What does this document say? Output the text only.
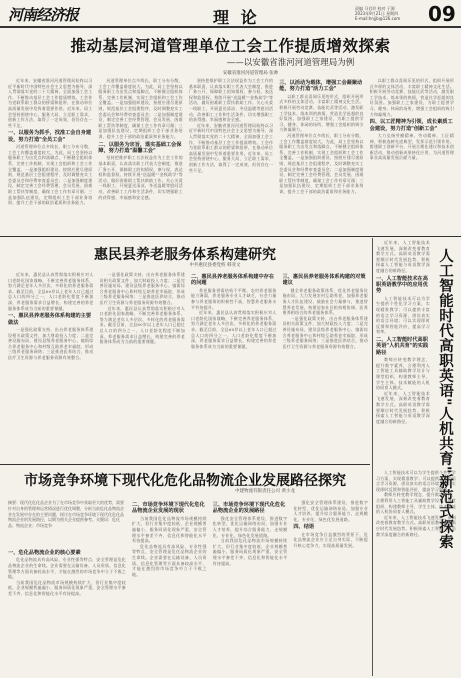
河南经济报	理 论	责编 马君玲 校对 于源
2023年9月21日 星期四
E-mail:hnjjb@126.com 09
推动基层河道管理单位工会工作提质增效探索
——以安徽省淮河河道管理局为例
安徽省淮河河道管理局 张帅

近年来，安徽省淮河河道管理局始终以习近平新时代中国特色社会主义思想为指导，深入贯彻落实党的二十大精神，全面加强工会工作，不断推动基层工会工作提质增效。工会作为党联系职工群众的桥梁和纽带，在推动单位高质量发展中发挥着重要作用。近年来，局工会坚持围绕中心、服务大局，立足职工需求，创新工作方法，取得了一定成效，但仍存在一些不足。

一、以服务为抓手，找准工会自身建设，努力打造"全员工会"

河道管理单位点多线长，职工分布分散，工会工作覆盖难度较大。为此，局工会坚持以服务职工为出发点和落脚点，不断健全组织体系，完善工作机制，实现工会组织和工会工作全覆盖。一是加强组织建设，按照应建尽建原则，规范基层工会组建程序，及时调整充实工会委员会和经费审查委员会；二是加强制度建设，制定完善工会经费管理、会员发展、困难职工帮扶等制度，确保工会工作有章可循；三是加强队伍建设，定期组织工会干部业务培训，提升工会干部的政治素质和业务能力。

河道管理单位点多线长，职工分布分散，工会工作覆盖难度较大。为此，局工会坚持以服务职工为出发点和落脚点，不断健全组织体系，完善工作机制，实现工会组织和工会工作全覆盖。一是加强组织建设，按照应建尽建原则，规范基层工会组建程序，及时调整充实工会委员会和经费审查委员会；二是加强制度建设，制定完善工会经费管理、会员发展、困难职工帮扶等制度，确保工会工作有章可循；三是加强队伍建设，定期组织工会干部业务培训，提升工会干部的政治素质和业务能力。

二、以服务为宗旨，落实基础工会保障，努力打造"温馨工会"

坚持把维护职工合法权益作为工会工作的基本职责，认真落实职工代表大会制度，推进厂务公开，保障职工的知情权、参与权、表达权和监督权。持续开展"送温暖""金秋助学"等活动，做好困难职工帮扶救助工作。关心关爱一线职工，开展夏送清凉、冬送温暖等慰问活动，改善职工工作和生活条件，切实增强职工的获得感、幸福感和安全感。

坚持把维护职工合法权益作为工会工作的基本职责，认真落实职工代表大会制度，推进厂务公开，保障职工的知情权、参与权、表达权和监督权。持续开展"送温暖""金秋助学"等活动，做好困难职工帮扶救助工作。关心关爱一线职工，开展夏送清凉、冬送温暖等慰问活动，改善职工工作和生活条件，切实增强职工的获得感、幸福感和安全感。

近年来，安徽省淮河河道管理局始终以习近平新时代中国特色社会主义思想为指导，深入贯彻落实党的二十大精神，全面加强工会工作，不断推动基层工会工作提质增效。工会作为党联系职工群众的桥梁和纽带，在推动单位高质量发展中发挥着重要作用。近年来，局工会坚持围绕中心、服务大局，立足职工需求，创新工作方法，取得了一定成效，但仍存在一些不足。

三、以活动为载体，增强工会凝聚动能，努力打造"活力工会"

以职工群众喜闻乐见的形式，组织开展形式多样的文体活动，丰富职工精神文化生活。积极开展劳动竞赛、技能比武等活动，激发职工学技术、练本领的热情，营造比学赶超的良好氛围。加强职工之家建设，为职工提供学习、健身、休闲的场所，增强工会组织的吸引力和凝聚力。

河道管理单位点多线长，职工分布分散，工会工作覆盖难度较大。为此，局工会坚持以服务职工为出发点和落脚点，不断健全组织体系，完善工作机制，实现工会组织和工会工作全覆盖。一是加强组织建设，按照应建尽建原则，规范基层工会组建程序，及时调整充实工会委员会和经费审查委员会；二是加强制度建设，制定完善工会经费管理、会员发展、困难职工帮扶等制度，确保工会工作有章可循；三是加强队伍建设，定期组织工会干部业务培训，提升工会干部的政治素质和业务能力。

以职工群众喜闻乐见的形式，组织开展形式多样的文体活动，丰富职工精神文化生活。积极开展劳动竞赛、技能比武等活动，激发职工学技术、练本领的热情，营造比学赶超的良好氛围。加强职工之家建设，为职工提供学习、健身、休闲的场所，增强工会组织的吸引力和凝聚力。

四、以工匠精神为引领，成长素质工会建设，努力打造"创新工会"

大力弘扬劳模精神、劳动精神、工匠精神，积极选树先进典型，发挥示范引领作用。搭建职工创新平台，开展合理化建议和技术创新活动，推动创新成果转化应用，为河道管理事业高质量发展贡献力量。

惠民县养老服务体系构建研究
中共惠民县委党校 韩亚文

近年来，惠民县认真贯彻落实积极应对人口老龄化国家战略，不断完善养老服务体系，努力满足老年人多层次、多样化的养老服务需求。截至目前，全县60岁以上老年人口已超过总人口的四分之一，人口老龄化程度不断加深，养老服务需求日益增长，构建完善的养老服务体系成为当前的重要课题。

一、惠民县养老服务体系构建的主要做法

一是强化政策支持，出台养老服务体系建设相关政策文件，加大财政投入力度；二是完善设施布局，建设县级养老服务中心、镇街综合养老服务中心和村级互助养老幸福院，形成三级养老服务网络；三是推进医养结合，推动医疗卫生资源与养老服务资源有效整合。

一是强化政策支持，出台养老服务体系建设相关政策文件，加大财政投入力度；二是完善设施布局，建设县级养老服务中心、镇街综合养老服务中心和村级互助养老幸福院，形成三级养老服务网络；三是推进医养结合，推动医疗卫生资源与养老服务资源有效整合。

近年来，惠民县认真贯彻落实积极应对人口老龄化国家战略，不断完善养老服务体系，努力满足老年人多层次、多样化的养老服务需求。截至目前，全县60岁以上老年人口已超过总人口的四分之一，人口老龄化程度不断加深，养老服务需求日益增长，构建完善的养老服务体系成为当前的重要课题。

二、惠民县养老服务体系构建中存在的问题

养老服务供需结构不平衡，农村养老服务能力薄弱，养老服务专业人才缺乏，社会力量参与养老服务的积极性不高，智慧养老服务水平有待提升。

近年来，惠民县认真贯彻落实积极应对人口老龄化国家战略，不断完善养老服务体系，努力满足老年人多层次、多样化的养老服务需求。截至目前，全县60岁以上老年人口已超过总人口的四分之一，人口老龄化程度不断加深，养老服务需求日益增长，构建完善的养老服务体系成为当前的重要课题。

三、惠民县养老服务体系构建的对策建议

健全养老服务政策体系，优化养老服务设施布局，大力发展农村互助养老，加强养老服务人才队伍建设，鼓励社会力量参与，推进智慧养老发展，构建居家社区机构相协调、医养康养相结合的养老服务体系。

一是强化政策支持，出台养老服务体系建设相关政策文件，加大财政投入力度；二是完善设施布局，建设县级养老服务中心、镇街综合养老服务中心和村级互助养老幸福院，形成三级养老服务网络；三是推进医养结合，推动医疗卫生资源与养老服务资源有效整合。

市场竞争环境下现代化危化品物流企业发展路径探究
中建物流有限责任公司 黄小龙
摘要：现代化危化品企业为了在市场竞争中获取更大的优势，需要针对自身的管理和运营情况进行优化调整，分析当前危化品物流企业在发展中存在的主要问题，探讨在市场竞争环境下现代化危化品物流企业的发展路径，以期为相关企业提供参考。关键词：危化品；物流企业；市场竞争
一、危化品物流企业的核心要素

危化品物流具有高风险、专业性强等特点，安全管理是危化品物流企业的生命线。企业需要在运输设备、人员资质、信息化管理等方面具备较高水平，才能在激烈的市场竞争中立于不败之地。

当前我国危化品物流市场规模持续扩大，但行业集中度较低，企业规模普遍偏小，服务同质化现象严重，安全管理水平参差不齐，信息化和智能化水平有待提高。

二、市场竞争环境下现代化危化品物流企业发展的现状

当前我国危化品物流市场规模持续扩大，但行业集中度较低，企业规模普遍偏小，服务同质化现象严重，安全管理水平参差不齐，信息化和智能化水平有待提高。

危化品物流具有高风险、专业性强等特点，安全管理是危化品物流企业的生命线。企业需要在运输设备、人员资质、信息化管理等方面具备较高水平，才能在激烈的市场竞争中立于不败之地。

三、市场竞争环境下现代化危化品物流企业的发展路径

强化安全管理体系建设，推进数字化转型，优化运输网络布局，加强专业人才培养，提升综合服务能力，走规模化、专业化、绿色化发展道路。

当前我国危化品物流市场规模持续扩大，但行业集中度较低，企业规模普遍偏小，服务同质化现象严重，安全管理水平参差不齐，信息化和智能化水平有待提高。

强化安全管理体系建设，推进数字化转型，优化运输网络布局，加强专业人才培养，提升综合服务能力，走规模化、专业化、绿色化发展道路。

四、结语

在市场竞争日益激烈的背景下，危化品物流企业应立足自身实际，不断提升核心竞争力，实现高质量发展。	人工智能时代高职英语"人机共育"新范式探索

近年来，人工智能技术飞速发展，深刻改变着教育教学方式。高职英语教学需要顺应时代发展趋势，积极探索人工智能与英语教学深度融合的新路径。

一、人工智能技术在高职英语教学中的应用优势

人工智能技术可以为学生提供个性化学习方案，实现精准教学；可以提供丰富的语言学习资源，创设真实的语言环境；可以实现即时反馈和智能评价，提高学习效率。

二、人工智能时代高职英语"人机共育"的实践路径

教师应转变教学理念，提升数字素养，合理利用人工智能工具辅助教学设计与课堂组织，构建教师主导、学生主体、技术赋能的人机协同育人模式。

近年来，人工智能技术飞速发展，深刻改变着教育教学方式。高职英语教学需要顺应时代发展趋势，积极探索人工智能与英语教学深度融合的新路径。

人工智能技术可以为学生提供个性化学习方案，实现精准教学；可以提供丰富的语言学习资源，创设真实的语言环境；可以实现即时反馈和智能评价，提高学习效率。

教师应转变教学理念，提升数字素养，合理利用人工智能工具辅助教学设计与课堂组织，构建教师主导、学生主体、技术赋能的人机协同育人模式。

近年来，人工智能技术飞速发展，深刻改变着教育教学方式。高职英语教学需要顺应时代发展趋势，积极探索人工智能与英语教学深度融合的新路径。
